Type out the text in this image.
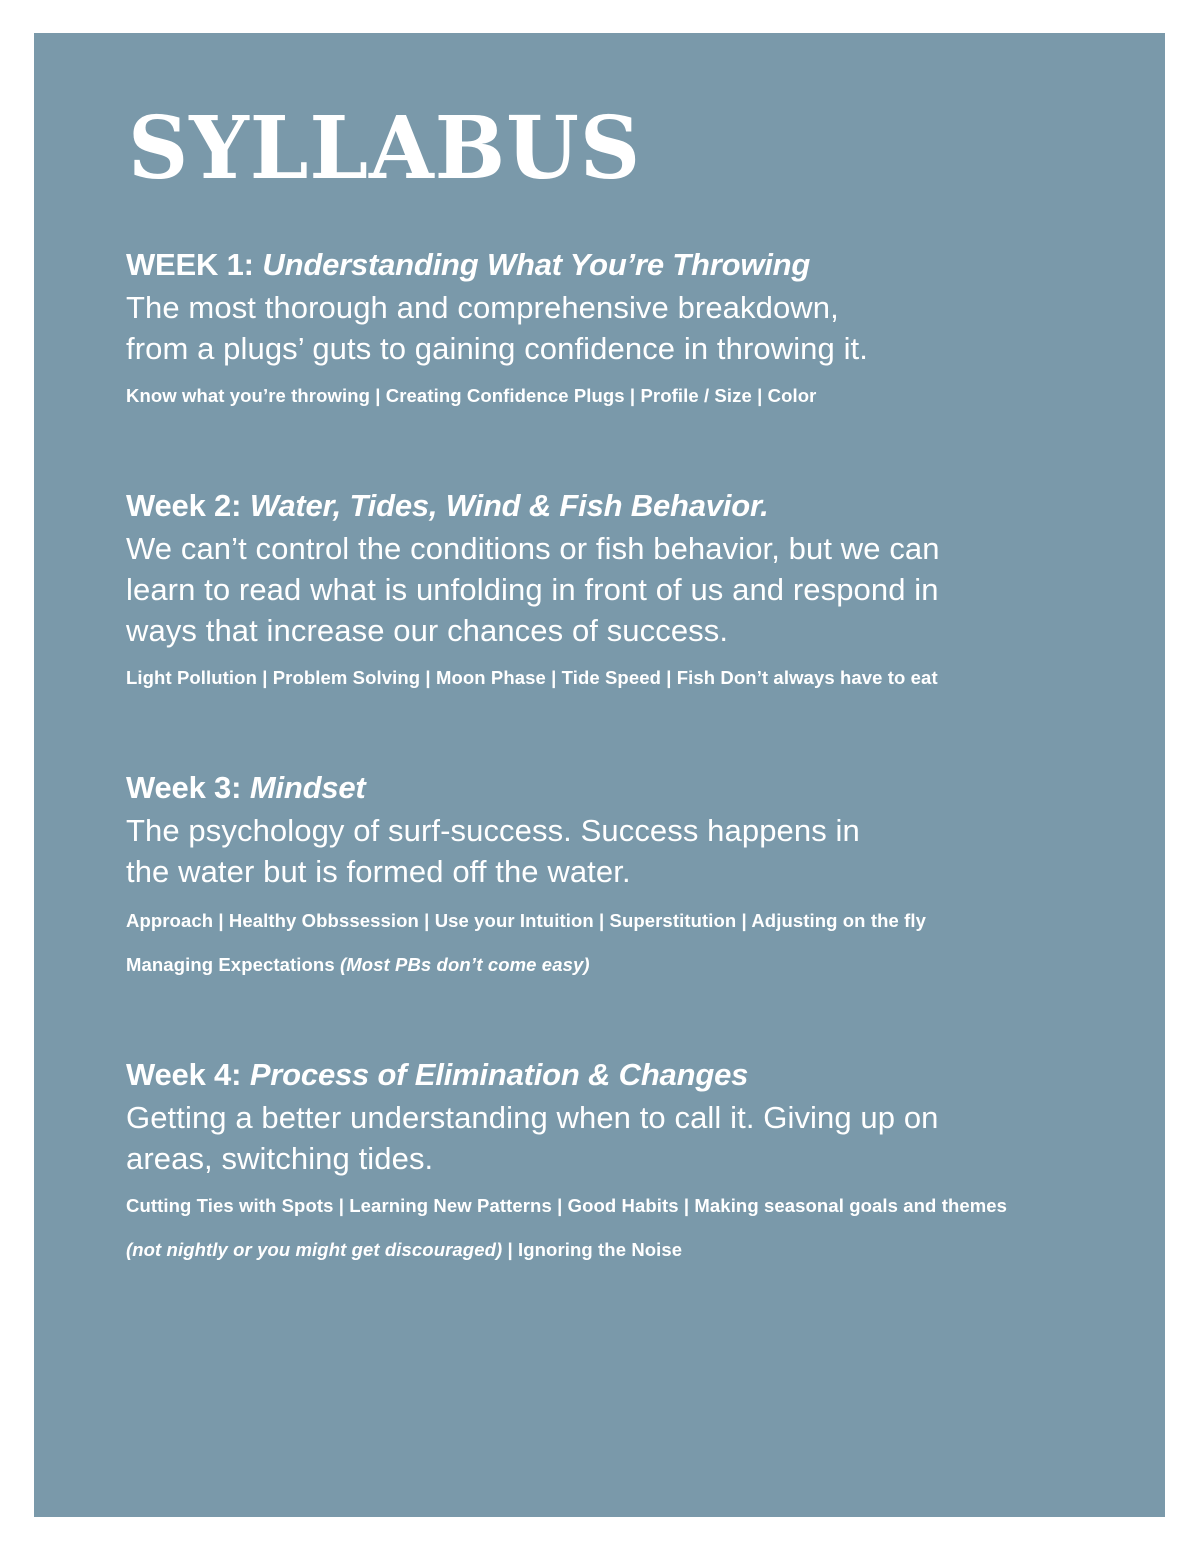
SYLLABUS
WEEK 1: Understanding What You’re Throwing

The most thorough and comprehensive breakdown,
from a plugs’ guts to gaining confidence in throwing it.

Know what you’re throwing | Creating Confidence Plugs | Profile / Size | Color

Week 2: Water, Tides, Wind & Fish Behavior.

We can’t control the conditions or fish behavior, but we can
learn to read what is unfolding in front of us and respond in
ways that increase our chances of success.

Light Pollution | Problem Solving | Moon Phase | Tide Speed | Fish Don’t always have to eat

Week 3: Mindset

The psychology of surf-success. Success happens in
the water but is formed off the water.

Approach | Healthy Obbssession | Use your Intuition | Superstitution | Adjusting on the fly

Managing Expectations (Most PBs don’t come easy)

Week 4: Process of Elimination & Changes

Getting a better understanding when to call it. Giving up on
areas, switching tides.

Cutting Ties with Spots | Learning New Patterns | Good Habits | Making seasonal goals and themes

(not nightly or you might get discouraged) | Ignoring the Noise
